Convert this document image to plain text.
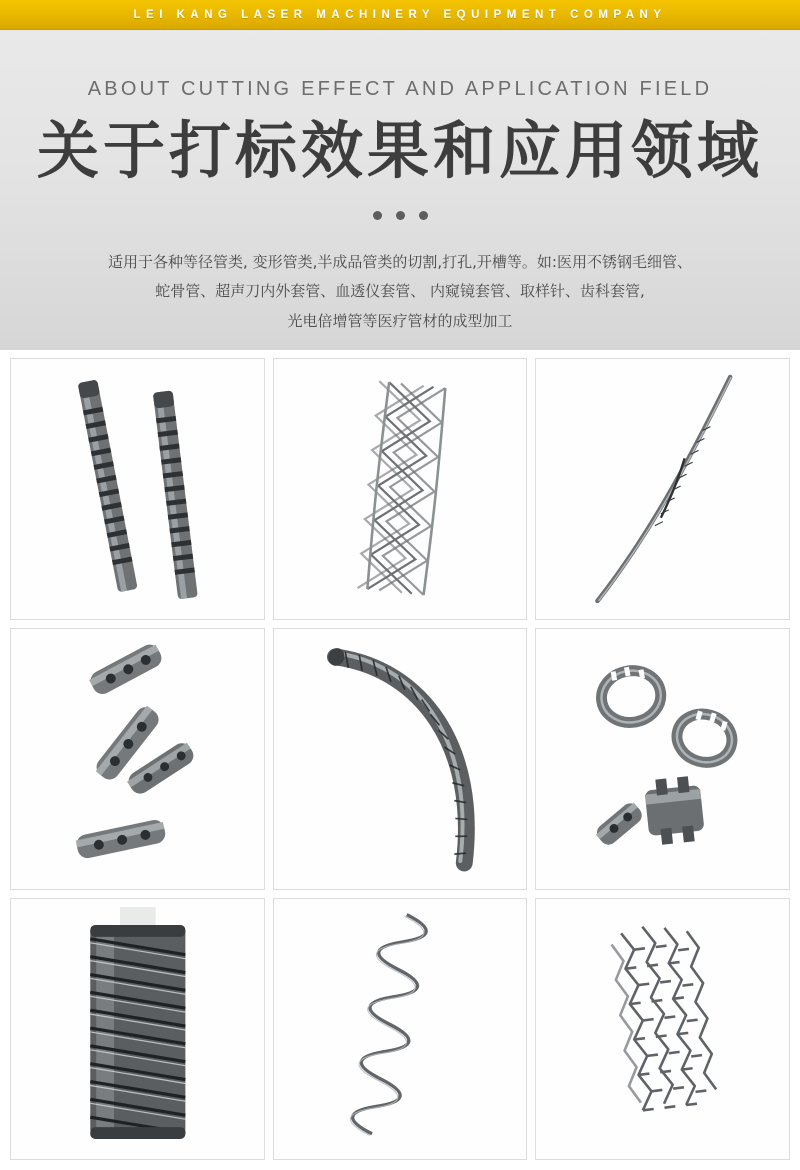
LEI KANG LASER MACHINERY EQUIPMENT COMPANY
ABOUT CUTTING EFFECT AND APPLICATION FIELD
关于打标效果和应用领域
适用于各种等径管类, 变形管类,半成品管类的切割,打孔,开槽等。如:医用不锈钢毛细管、
蛇骨管、超声刀内外套管、血透仪套管、 内窥镜套管、取样针、齿科套管,
光电倍增管等医疗管材的成型加工
